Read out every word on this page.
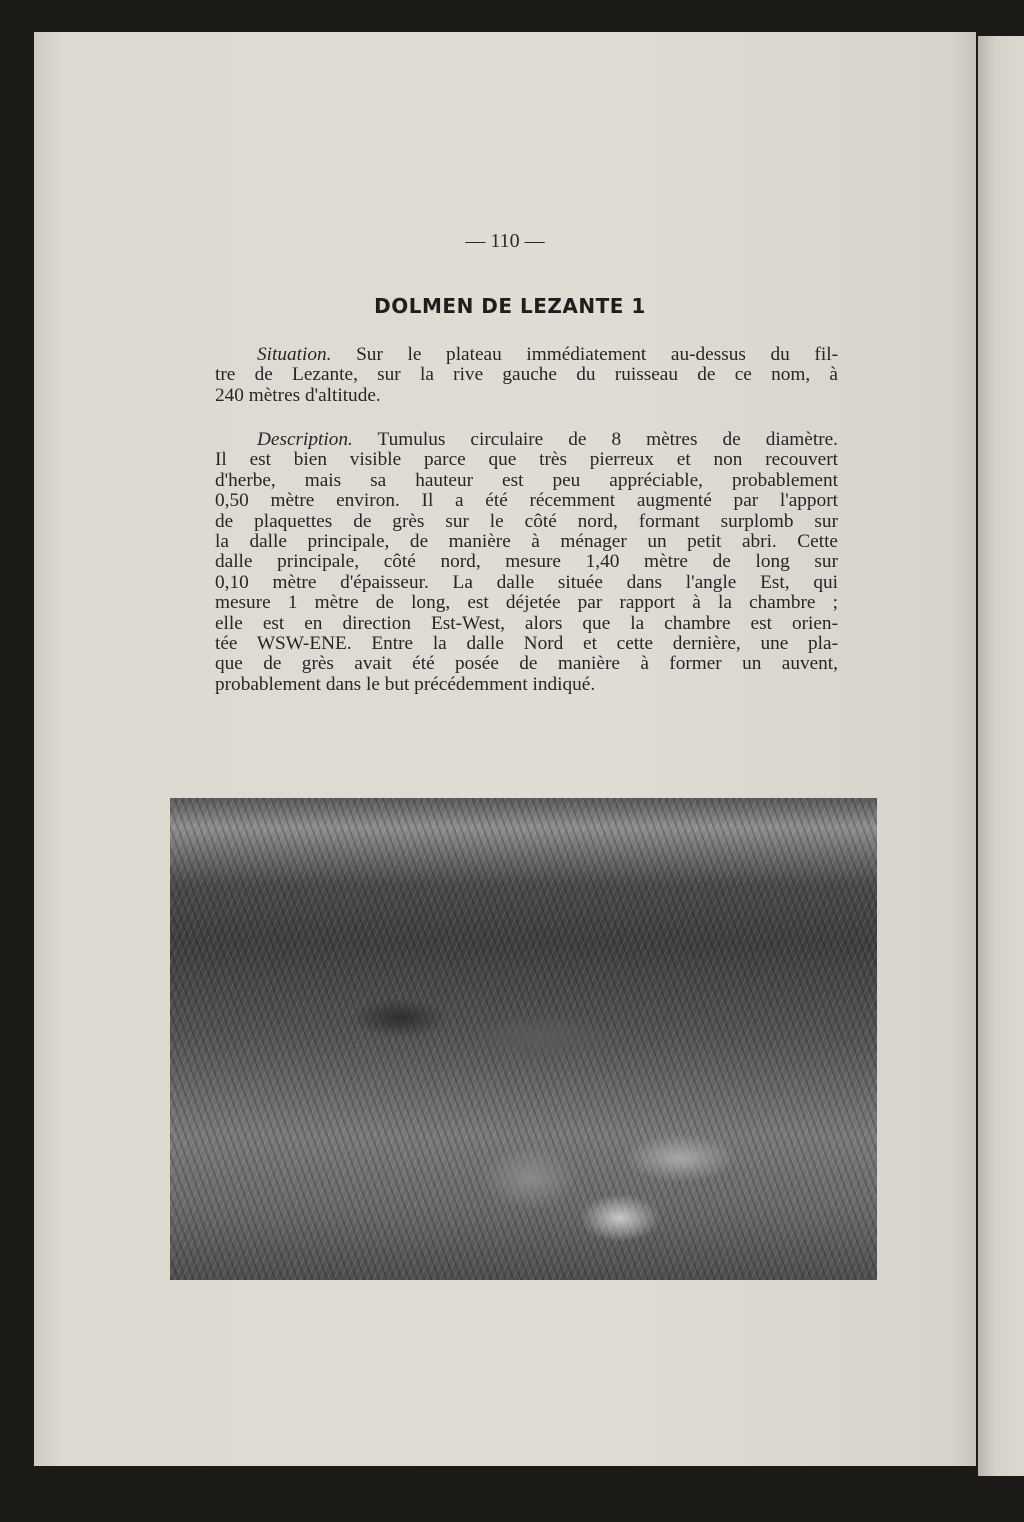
— 110 —
DOLMEN DE LEZANTE 1
Situation. Sur le plateau immédiatement au-dessus du fil-
tre de Lezante, sur la rive gauche du ruisseau de ce nom, à
240 mètres d'altitude.
Description. Tumulus circulaire de 8 mètres de diamètre.
Il est bien visible parce que très pierreux et non recouvert
d'herbe, mais sa hauteur est peu appréciable, probablement
0,50 mètre environ. Il a été récemment augmenté par l'apport
de plaquettes de grès sur le côté nord, formant surplomb sur
la dalle principale, de manière à ménager un petit abri. Cette
dalle principale, côté nord, mesure 1,40 mètre de long sur
0,10 mètre d'épaisseur. La dalle située dans l'angle Est, qui
mesure 1 mètre de long, est déjetée par rapport à la chambre ;
elle est en direction Est-West, alors que la chambre est orien-
tée WSW-ENE. Entre la dalle Nord et cette dernière, une pla-
que de grès avait été posée de manière à former un auvent,
probablement dans le but précédemment indiqué.
